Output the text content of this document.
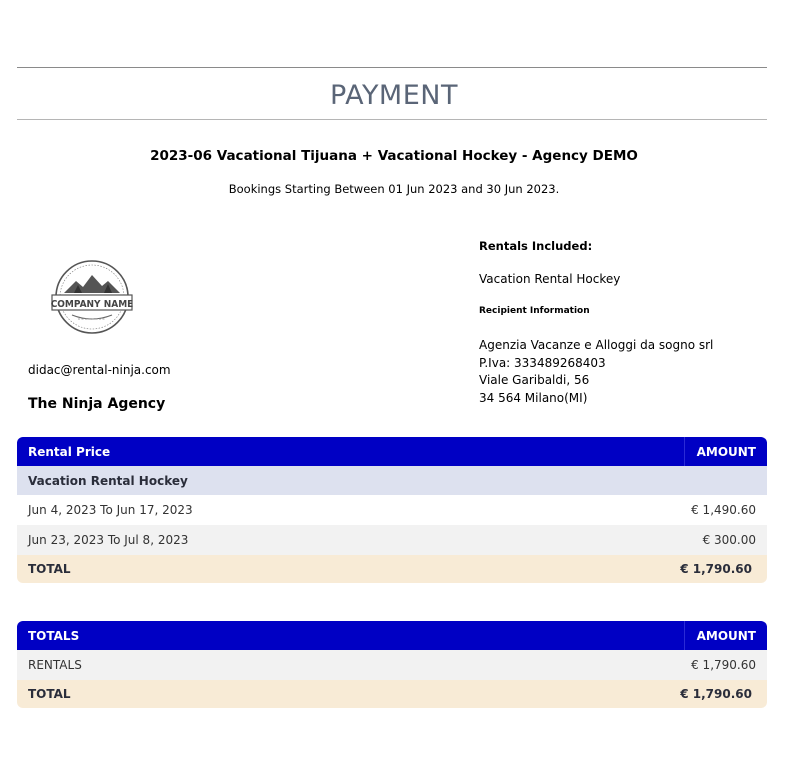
PAYMENT
2023-06 Vacational Tijuana + Vacational Hockey - Agency DEMO
Bookings Starting Between 01 Jun 2023 and 30 Jun 2023.
COMPANY NAME
didac@rental-ninja.com
The Ninja Agency
Rentals Included:
Vacation Rental Hockey
Recipient Information
Agenzia Vacanze e Alloggi da sogno srl
P.Iva: 333489268403
Viale Garibaldi, 56
34 564 Milano(MI)
Rental Price	AMOUNT
Vacation Rental Hockey
Jun 4, 2023 To Jun 17, 2023	€ 1,490.60
Jun 23, 2023 To Jul 8, 2023	€ 300.00
TOTAL	€ 1,790.60
TOTALS	AMOUNT
RENTALS	€ 1,790.60
TOTAL	€ 1,790.60
